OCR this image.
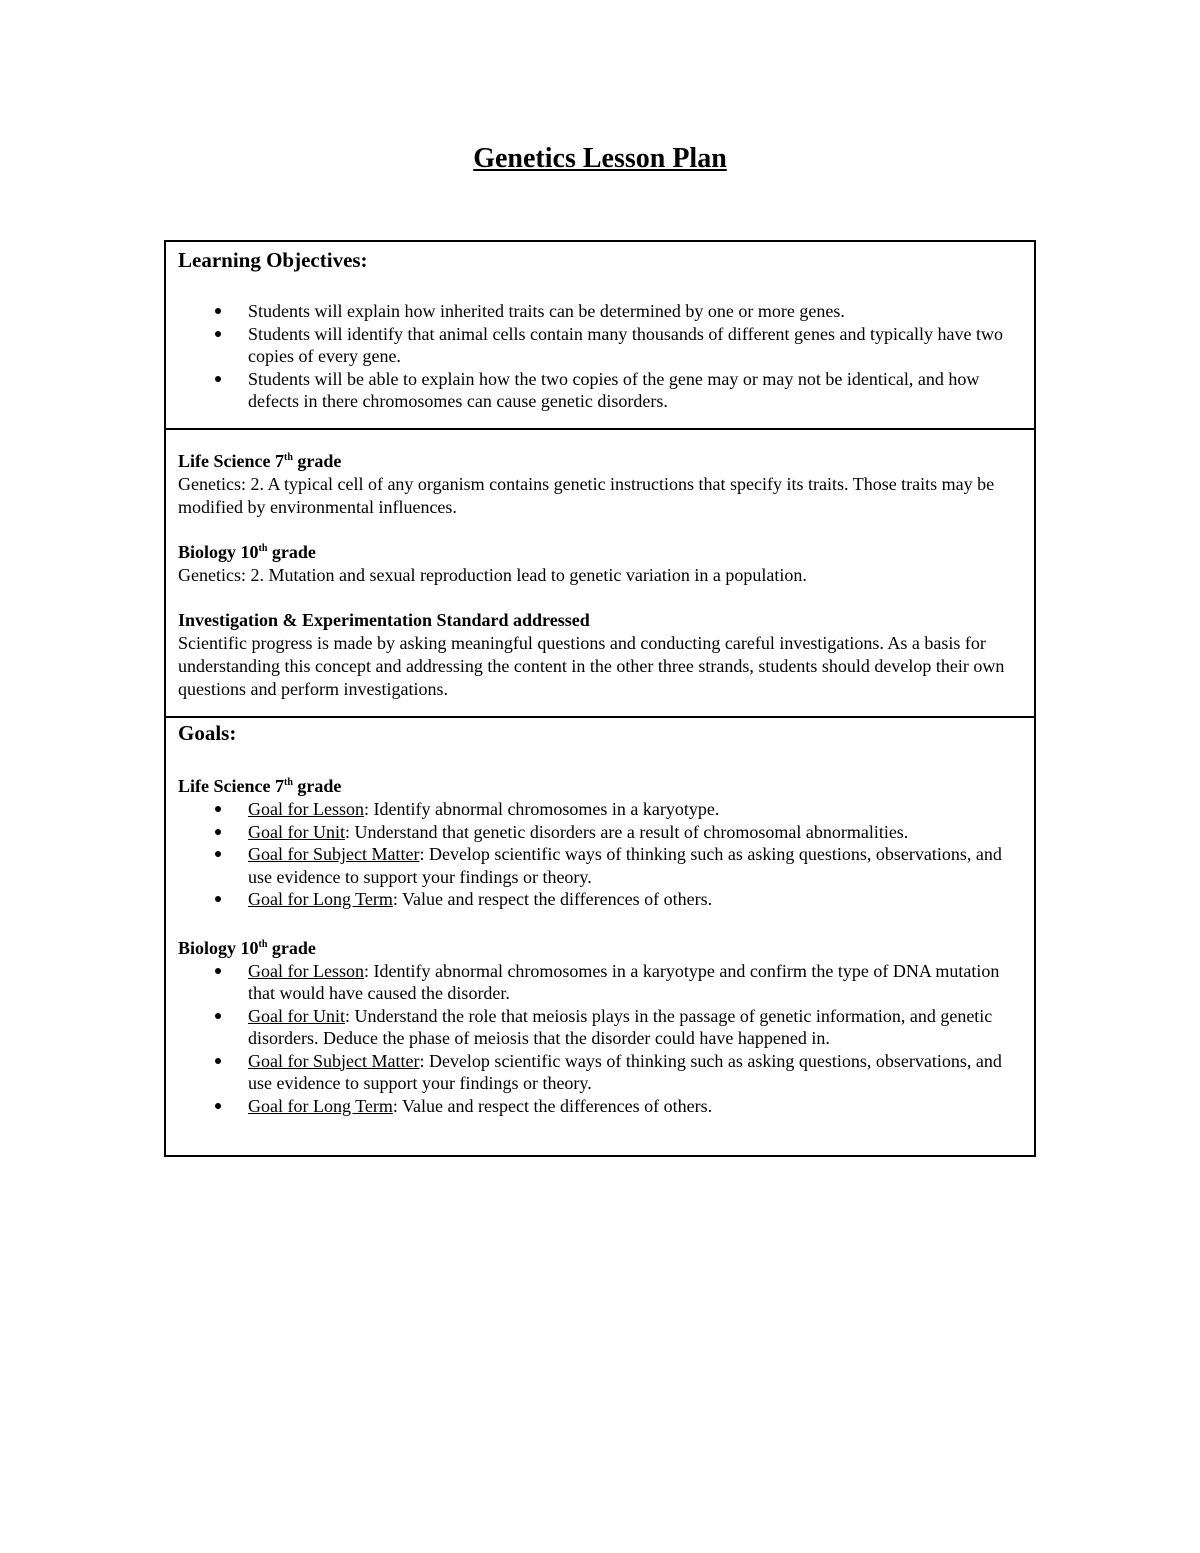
Genetics Lesson Plan

Learning Objectives:

Students will explain how inherited traits can be determined by one or more genes.
Students will identify that animal cells contain many thousands of different genes and typically have two copies of every gene.
Students will be able to explain how the two copies of the gene may or may not be identical, and how defects in there chromosomes can cause genetic disorders.

Life Science 7th grade

Genetics: 2. A typical cell of any organism contains genetic instructions that specify its traits. Those traits may be modified by environmental influences.

Biology 10th grade

Genetics: 2. Mutation and sexual reproduction lead to genetic variation in a population.

Investigation & Experimentation Standard addressed

Scientific progress is made by asking meaningful questions and conducting careful investigations. As a basis for understanding this concept and addressing the content in the other three strands, students should develop their own questions and perform investigations.

Goals:

Life Science 7th grade

Goal for Lesson: Identify abnormal chromosomes in a karyotype.
Goal for Unit: Understand that genetic disorders are a result of chromosomal abnormalities.
Goal for Subject Matter: Develop scientific ways of thinking such as asking questions, observations, and use evidence to support your findings or theory.
Goal for Long Term: Value and respect the differences of others.

Biology 10th grade

Goal for Lesson: Identify abnormal chromosomes in a karyotype and confirm the type of DNA mutation that would have caused the disorder.
Goal for Unit: Understand the role that meiosis plays in the passage of genetic information, and genetic disorders. Deduce the phase of meiosis that the disorder could have happened in.
Goal for Subject Matter: Develop scientific ways of thinking such as asking questions, observations, and use evidence to support your findings or theory.
Goal for Long Term: Value and respect the differences of others.
